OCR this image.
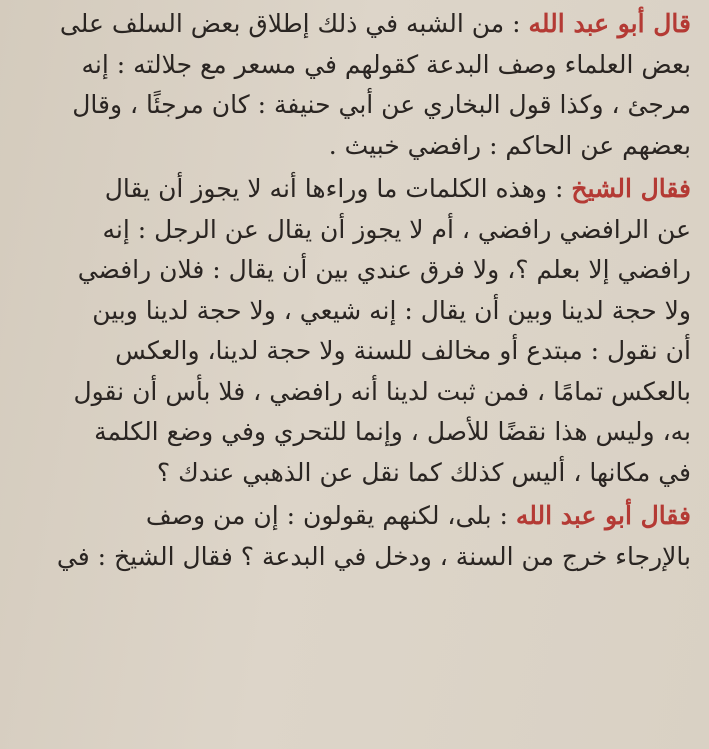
قال أبو عبد الله : من الشبه في ذلك إطلاق بعض السلف على
بعض العلماء وصف البدعة كقولهم في مسعر مع جلالته : إنه
مرجئ ، وكذا قول البخاري عن أبي حنيفة : كان مرجئًا ، وقال
بعضهم عن الحاكم : رافضي خبيث .
فقال الشيخ : وهذه الكلمات ما وراءها أنه لا يجوز أن يقال
عن الرافضي رافضي ، أم لا يجوز أن يقال عن الرجل : إنه
رافضي إلا بعلم ؟، ولا فرق عندي بين أن يقال : فلان رافضي
ولا حجة لدينا وبين أن يقال : إنه شيعي ، ولا حجة لدينا وبين
أن نقول : مبتدع أو مخالف للسنة ولا حجة لدينا، والعكس
بالعكس تمامًا ، فمن ثبت لدينا أنه رافضي ، فلا بأس أن نقول
به، وليس هذا نقضًا للأصل ، وإنما للتحري وفي وضع الكلمة
في مكانها ، أليس كذلك كما نقل عن الذهبي عندك ؟
فقال أبو عبد الله : بلى، لكنهم يقولون : إن من وصف
بالإرجاء خرج من السنة ، ودخل في البدعة ؟ فقال الشيخ : في
